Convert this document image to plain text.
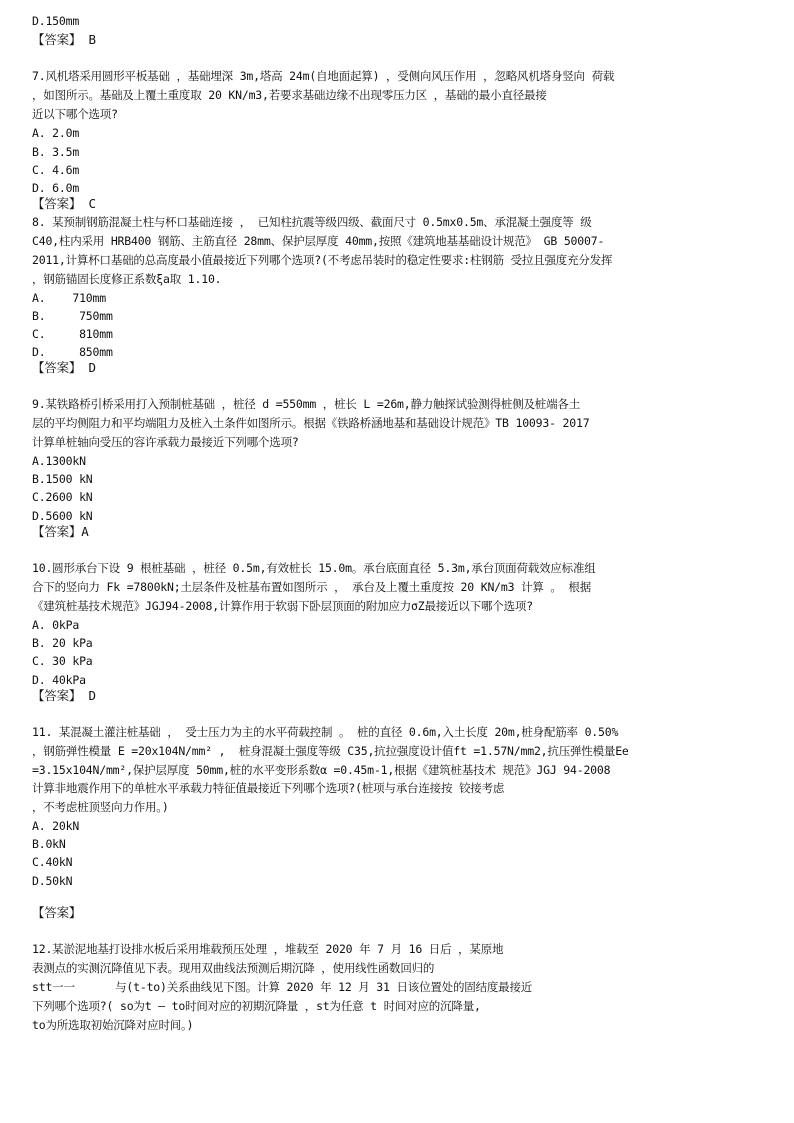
D.150mm
【答案】 B
7.风机塔采用圆形平板基础 ，基础埋深 3m,塔高 24m(自地面起算) ，受侧向风压作用 ，忽略风机塔身竖向 荷载
，如图所示。基础及上覆土重度取 20 KN/m3,若要求基础边缘不出现零压力区 ，基础的最小直径最接
近以下哪个选项?
A. 2.0m
B. 3.5m
C. 4.6m
D. 6.0m
【答案】 C
8. 某预制钢筋混凝土柱与杯口基础连接 ， 已知柱抗震等级四级、截面尺寸 0.5mx0.5m、承混凝土强度等 级
C40,柱内采用 HRB400 钢筋、主筋直径 28mm、保护层厚度 40mm,按照《建筑地基基础设计规范》 GB 50007-
2011,计算杯口基础的总高度最小值最接近下列哪个选项?(不考虑吊装时的稳定性要求:柱钢筋 受拉且强度充分发挥
，钢筋锚固长度修正系数ξa取 1.10.
A.    710mm
B.     750mm
C.     810mm
D.     850mm
【答案】 D
9.某铁路桥引桥采用打入预制桩基础 ，桩径 d =550mm ，桩长 L =26m,静力触探试验测得桩侧及桩端各土
层的平均侧阻力和平均端阻力及桩入土条件如图所示。根据《铁路桥涵地基和基础设计规范》TB 10093- 2017
计算单桩轴向受压的容许承载力最接近下列哪个选项?
A.1300kN
B.1500 kN
C.2600 kN
D.5600 kN
【答案】A
10.圆形承台下设 9 根桩基础 ，桩径 0.5m,有效桩长 15.0m。承台底面直径 5.3m,承台顶面荷载效应标准组
合下的竖向力 Fk =7800kN;土层条件及桩基布置如图所示 ， 承台及上覆土重度按 20 KN/m3 计算 。 根据
《建筑桩基技术规范》JGJ94-2008,计算作用于软弱下卧层顶面的附加应力σZ最接近以下哪个选项?
A. 0kPa
B. 20 kPa
C. 30 kPa
D. 40kPa
【答案】 D
11. 某混凝土灌注桩基础 ， 受士压力为主的水平荷载控制 。 桩的直径 0.6m,入土长度 20m,桩身配筋率 0.50%
，钢筋弹性模量 E =20x104N/mm² ,  桩身混凝土强度等级 C35,抗拉强度设计值ft =1.57N/mm2,抗压弹性模量Ee
=3.15x104N/mm²,保护层厚度 50mm,桩的水平变形系数α =0.45m-1,根据《建筑桩基技术 规范》JGJ 94-2008
计算非地震作用下的单桩水平承载力特征值最接近下列哪个选项?(桩项与承台连接按 铰接考虑
，不考虑桩顶竖向力作用。)
A. 20kN
B.0kN
C.40kN
D.50kN
【答案】
12.某淤泥地基打设排水板后采用堆载预压处理 ，堆载至 2020 年 7 月 16 日后 ，某原地
表测点的实测沉降值见下表。现用双曲线法预测后期沉降 ，使用线性函数回归的
stt一一      与(t-to)关系曲线见下图。计算 2020 年 12 月 31 日该位置处的固结度最接近
下列哪个选项?( so为t — to时间对应的初期沉降量 ，st为任意 t 时间对应的沉降量,
to为所选取初始沉降对应时间。)
